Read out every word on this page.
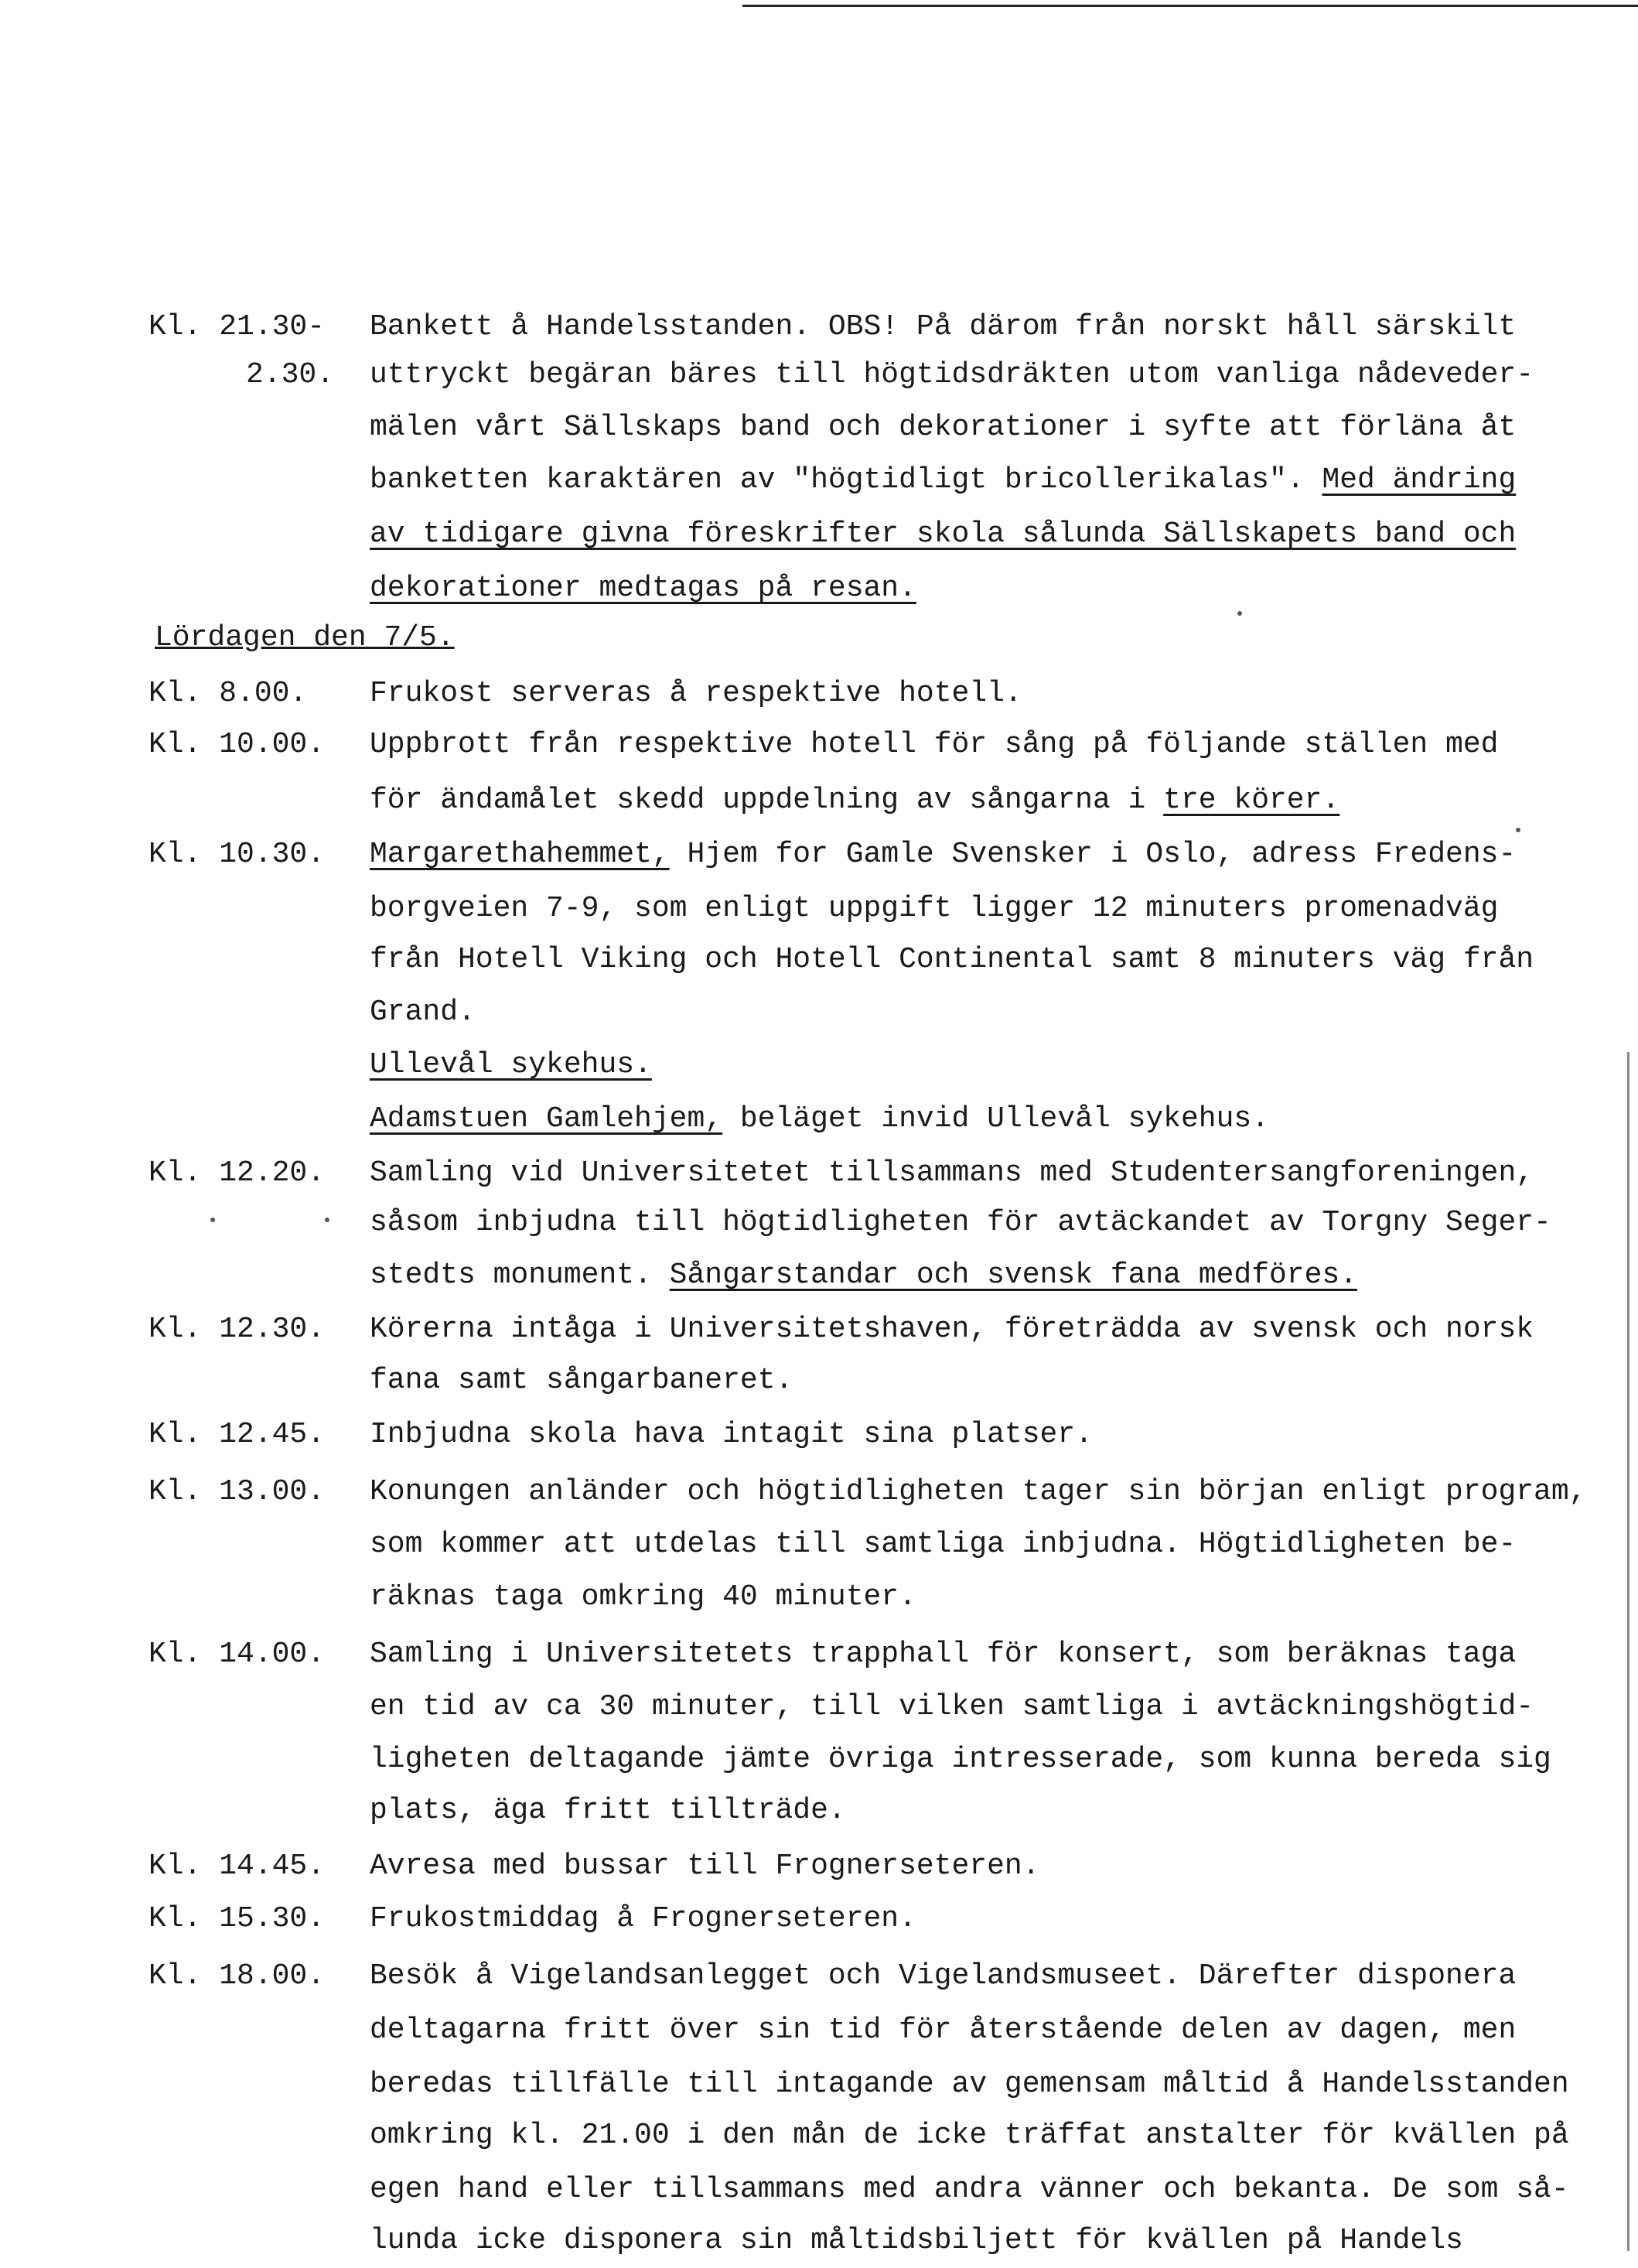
Kl. 21.30- Bankett å Handelsstanden. OBS! På därom från norskt håll särskilt
2.30. uttryckt begäran bäres till högtidsdräkten utom vanliga nådeveder-
mälen vårt Sällskaps band och dekorationer i syfte att förläna åt
banketten karaktären av "högtidligt bricollerikalas". Med ändring
av tidigare givna föreskrifter skola sålunda Sällskapets band och
dekorationer medtagas på resan.
Lördagen den 7/5.
Kl. 8.00. Frukost serveras å respektive hotell.
Kl. 10.00. Uppbrott från respektive hotell för sång på följande ställen med
för ändamålet skedd uppdelning av sångarna i tre körer.
Kl. 10.30. Margarethahemmet, Hjem for Gamle Svensker i Oslo, adress Fredens-
borgveien 7-9, som enligt uppgift ligger 12 minuters promenadväg
från Hotell Viking och Hotell Continental samt 8 minuters väg från
Grand.
Ullevål sykehus.
Adamstuen Gamlehjem, beläget invid Ullevål sykehus.
Kl. 12.20. Samling vid Universitetet tillsammans med Studentersangforeningen,
såsom inbjudna till högtidligheten för avtäckandet av Torgny Seger-
stedts monument. Sångarstandar och svensk fana medföres.
Kl. 12.30. Körerna intåga i Universitetshaven, företrädda av svensk och norsk
fana samt sångarbaneret.
Kl. 12.45. Inbjudna skola hava intagit sina platser.
Kl. 13.00. Konungen anländer och högtidligheten tager sin början enligt program,
som kommer att utdelas till samtliga inbjudna. Högtidligheten be-
räknas taga omkring 40 minuter.
Kl. 14.00. Samling i Universitetets trapphall för konsert, som beräknas taga
en tid av ca 30 minuter, till vilken samtliga i avtäckningshögtid-
ligheten deltagande jämte övriga intresserade, som kunna bereda sig
plats, äga fritt tillträde.
Kl. 14.45. Avresa med bussar till Frognerseteren.
Kl. 15.30. Frukostmiddag å Frognerseteren.
Kl. 18.00. Besök å Vigelandsanlegget och Vigelandsmuseet. Därefter disponera
deltagarna fritt över sin tid för återstående delen av dagen, men
beredas tillfälle till intagande av gemensam måltid å Handelsstanden
omkring kl. 21.00 i den mån de icke träffat anstalter för kvällen på
egen hand eller tillsammans med andra vänner och bekanta. De som så-
lunda icke disponera sin måltidsbiljett för kvällen på Handels
